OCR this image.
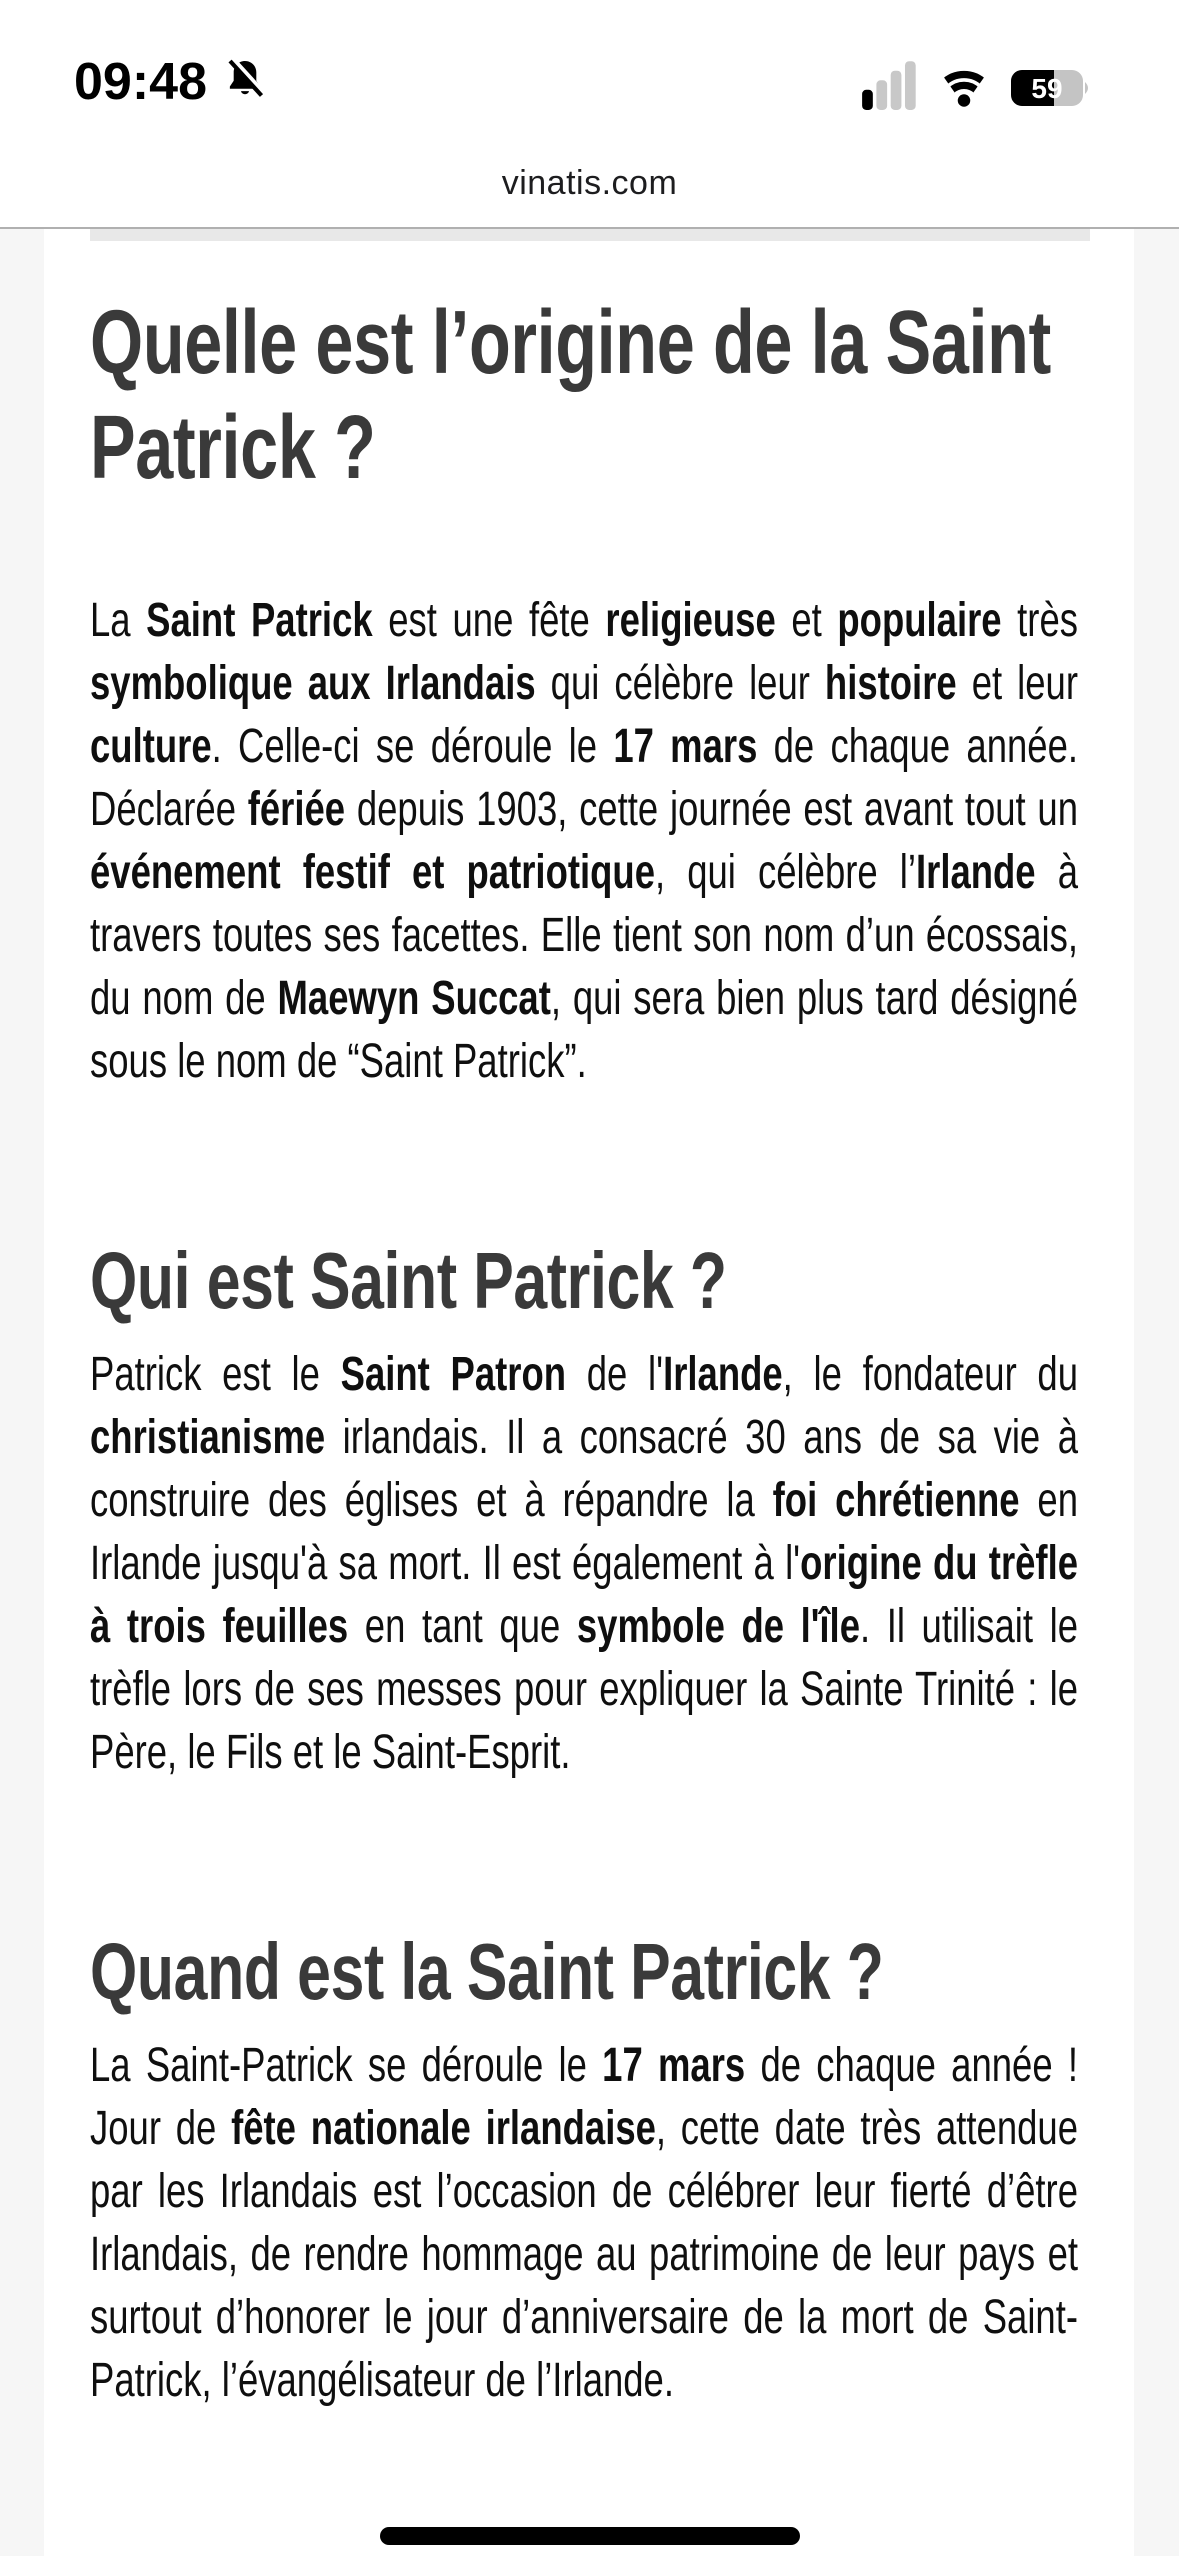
09:48	59
vinatis.com
Quelle est l’origine de la Saint Patrick ?

La Saint Patrick est une fête religieuse et populaire très symbolique aux Irlandais qui célèbre leur histoire et leur culture. Celle-ci se déroule le 17 mars de chaque année. Déclarée fériée depuis 1903, cette journée est avant tout un événement festif et patriotique, qui célèbre l’Irlande à travers toutes ses facettes. Elle tient son nom d’un écossais, du nom de Maewyn Succat, qui sera bien plus tard désigné sous le nom de “Saint Patrick”.

Qui est Saint Patrick ?

Patrick est le Saint Patron de l'Irlande, le fondateur du christianisme irlandais. Il a consacré 30 ans de sa vie à construire des églises et à répandre la foi chrétienne en Irlande jusqu'à sa mort. Il est également à l'origine du trèfle à trois feuilles en tant que symbole de l'île. Il utilisait le trèfle lors de ses messes pour expliquer la Sainte Trinité : le Père, le Fils et le Saint-Esprit.

Quand est la Saint Patrick ?

La Saint-Patrick se déroule le 17 mars de chaque année ! Jour de fête nationale irlandaise, cette date très attendue par les Irlandais est l’occasion de célébrer leur fierté d’être Irlandais, de rendre hommage au patrimoine de leur pays et surtout d’honorer le jour d’anniversaire de la mort de Saint-Patrick, l’évangélisateur de l’Irlande.
